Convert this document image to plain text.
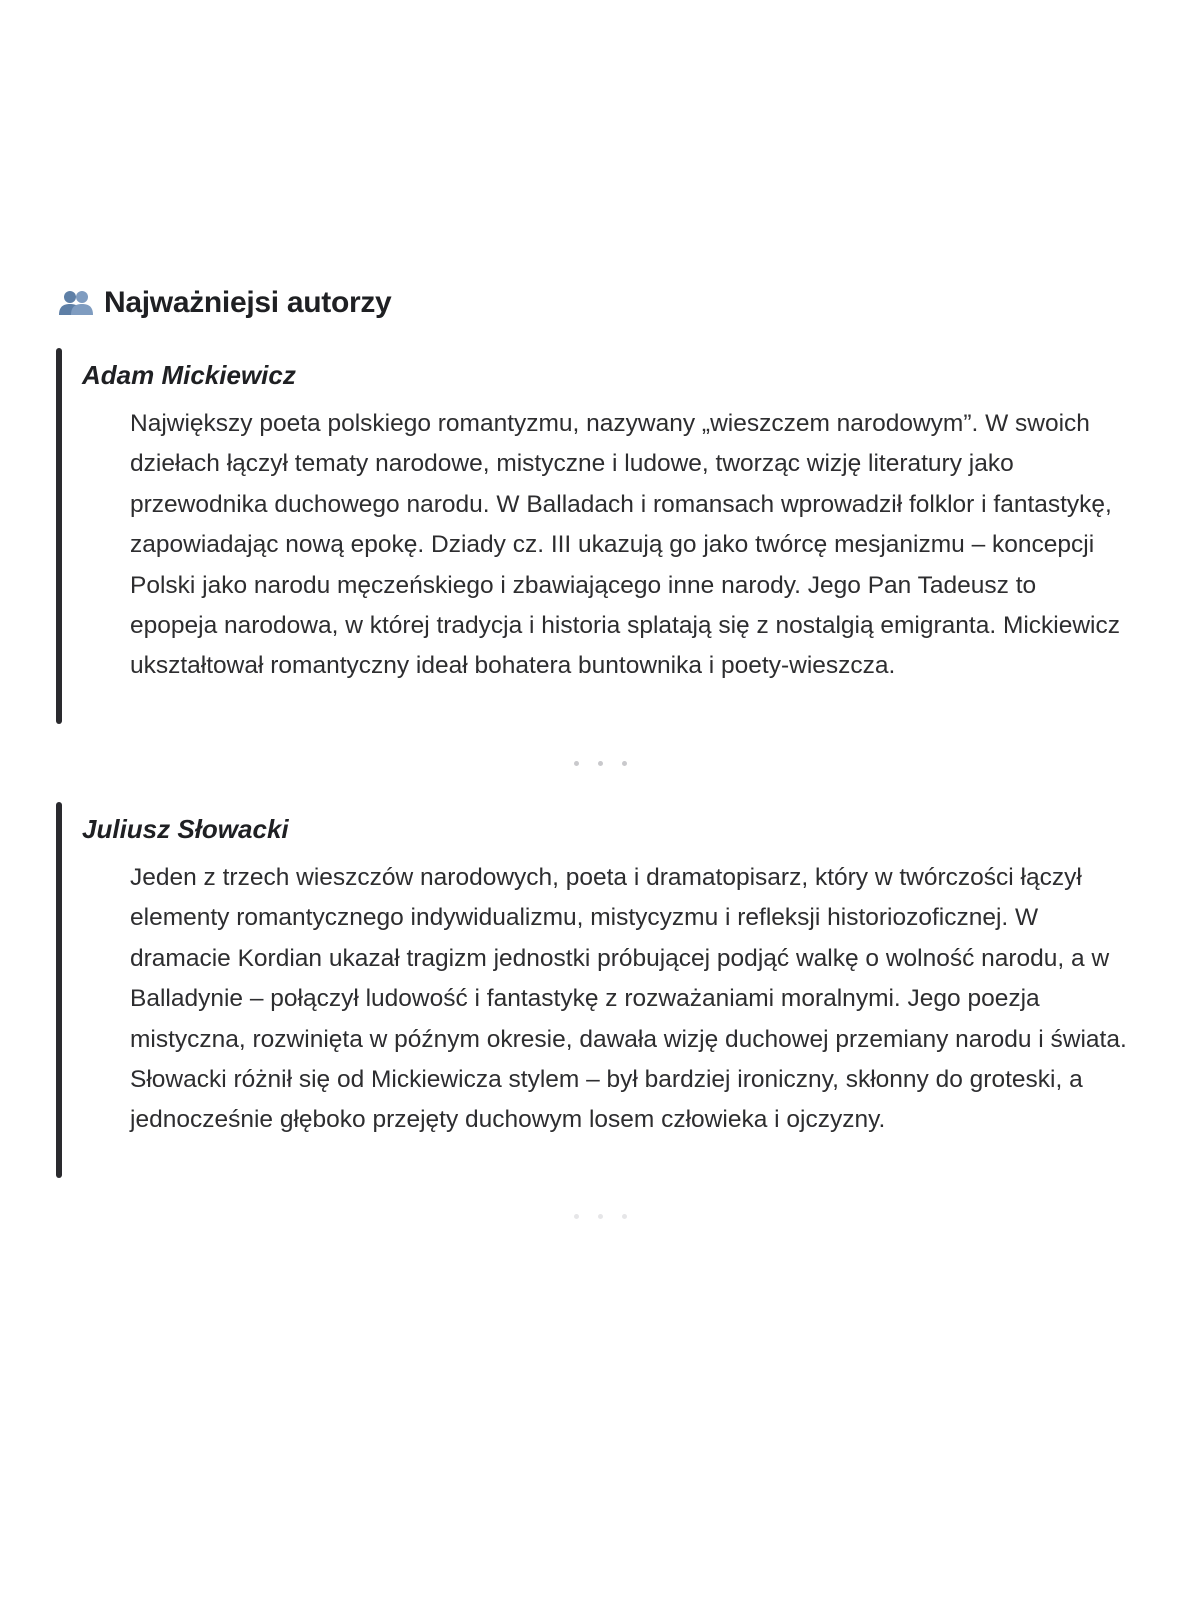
Najważniejsi autorzy
Adam Mickiewicz

Największy poeta polskiego romantyzmu, nazywany „wieszczem narodowym”. W swoich dziełach łączył tematy narodowe, mistyczne i ludowe, tworząc wizję literatury jako przewodnika duchowego narodu. W Balladach i romansach wprowadził folklor i fantastykę, zapowiadając nową epokę. Dziady cz. III ukazują go jako twórcę mesjanizmu – koncepcji Polski jako narodu męczeńskiego i zbawiającego inne narody. Jego Pan Tadeusz to epopeja narodowa, w której tradycja i historia splatają się z nostalgią emigranta. Mickiewicz ukształtował romantyczny ideał bohatera buntownika i poety-wieszcza.

Juliusz Słowacki

Jeden z trzech wieszczów narodowych, poeta i dramatopisarz, który w twórczości łączył elementy romantycznego indywidualizmu, mistycyzmu i refleksji historiozoficznej. W dramacie Kordian ukazał tragizm jednostki próbującej podjąć walkę o wolność narodu, a w Balladynie – połączył ludowość i fantastykę z rozważaniami moralnymi. Jego poezja mistyczna, rozwinięta w późnym okresie, dawała wizję duchowej przemiany narodu i świata. Słowacki różnił się od Mickiewicza stylem – był bardziej ironiczny, skłonny do groteski, a jednocześnie głęboko przejęty duchowym losem człowieka i ojczyzny.
